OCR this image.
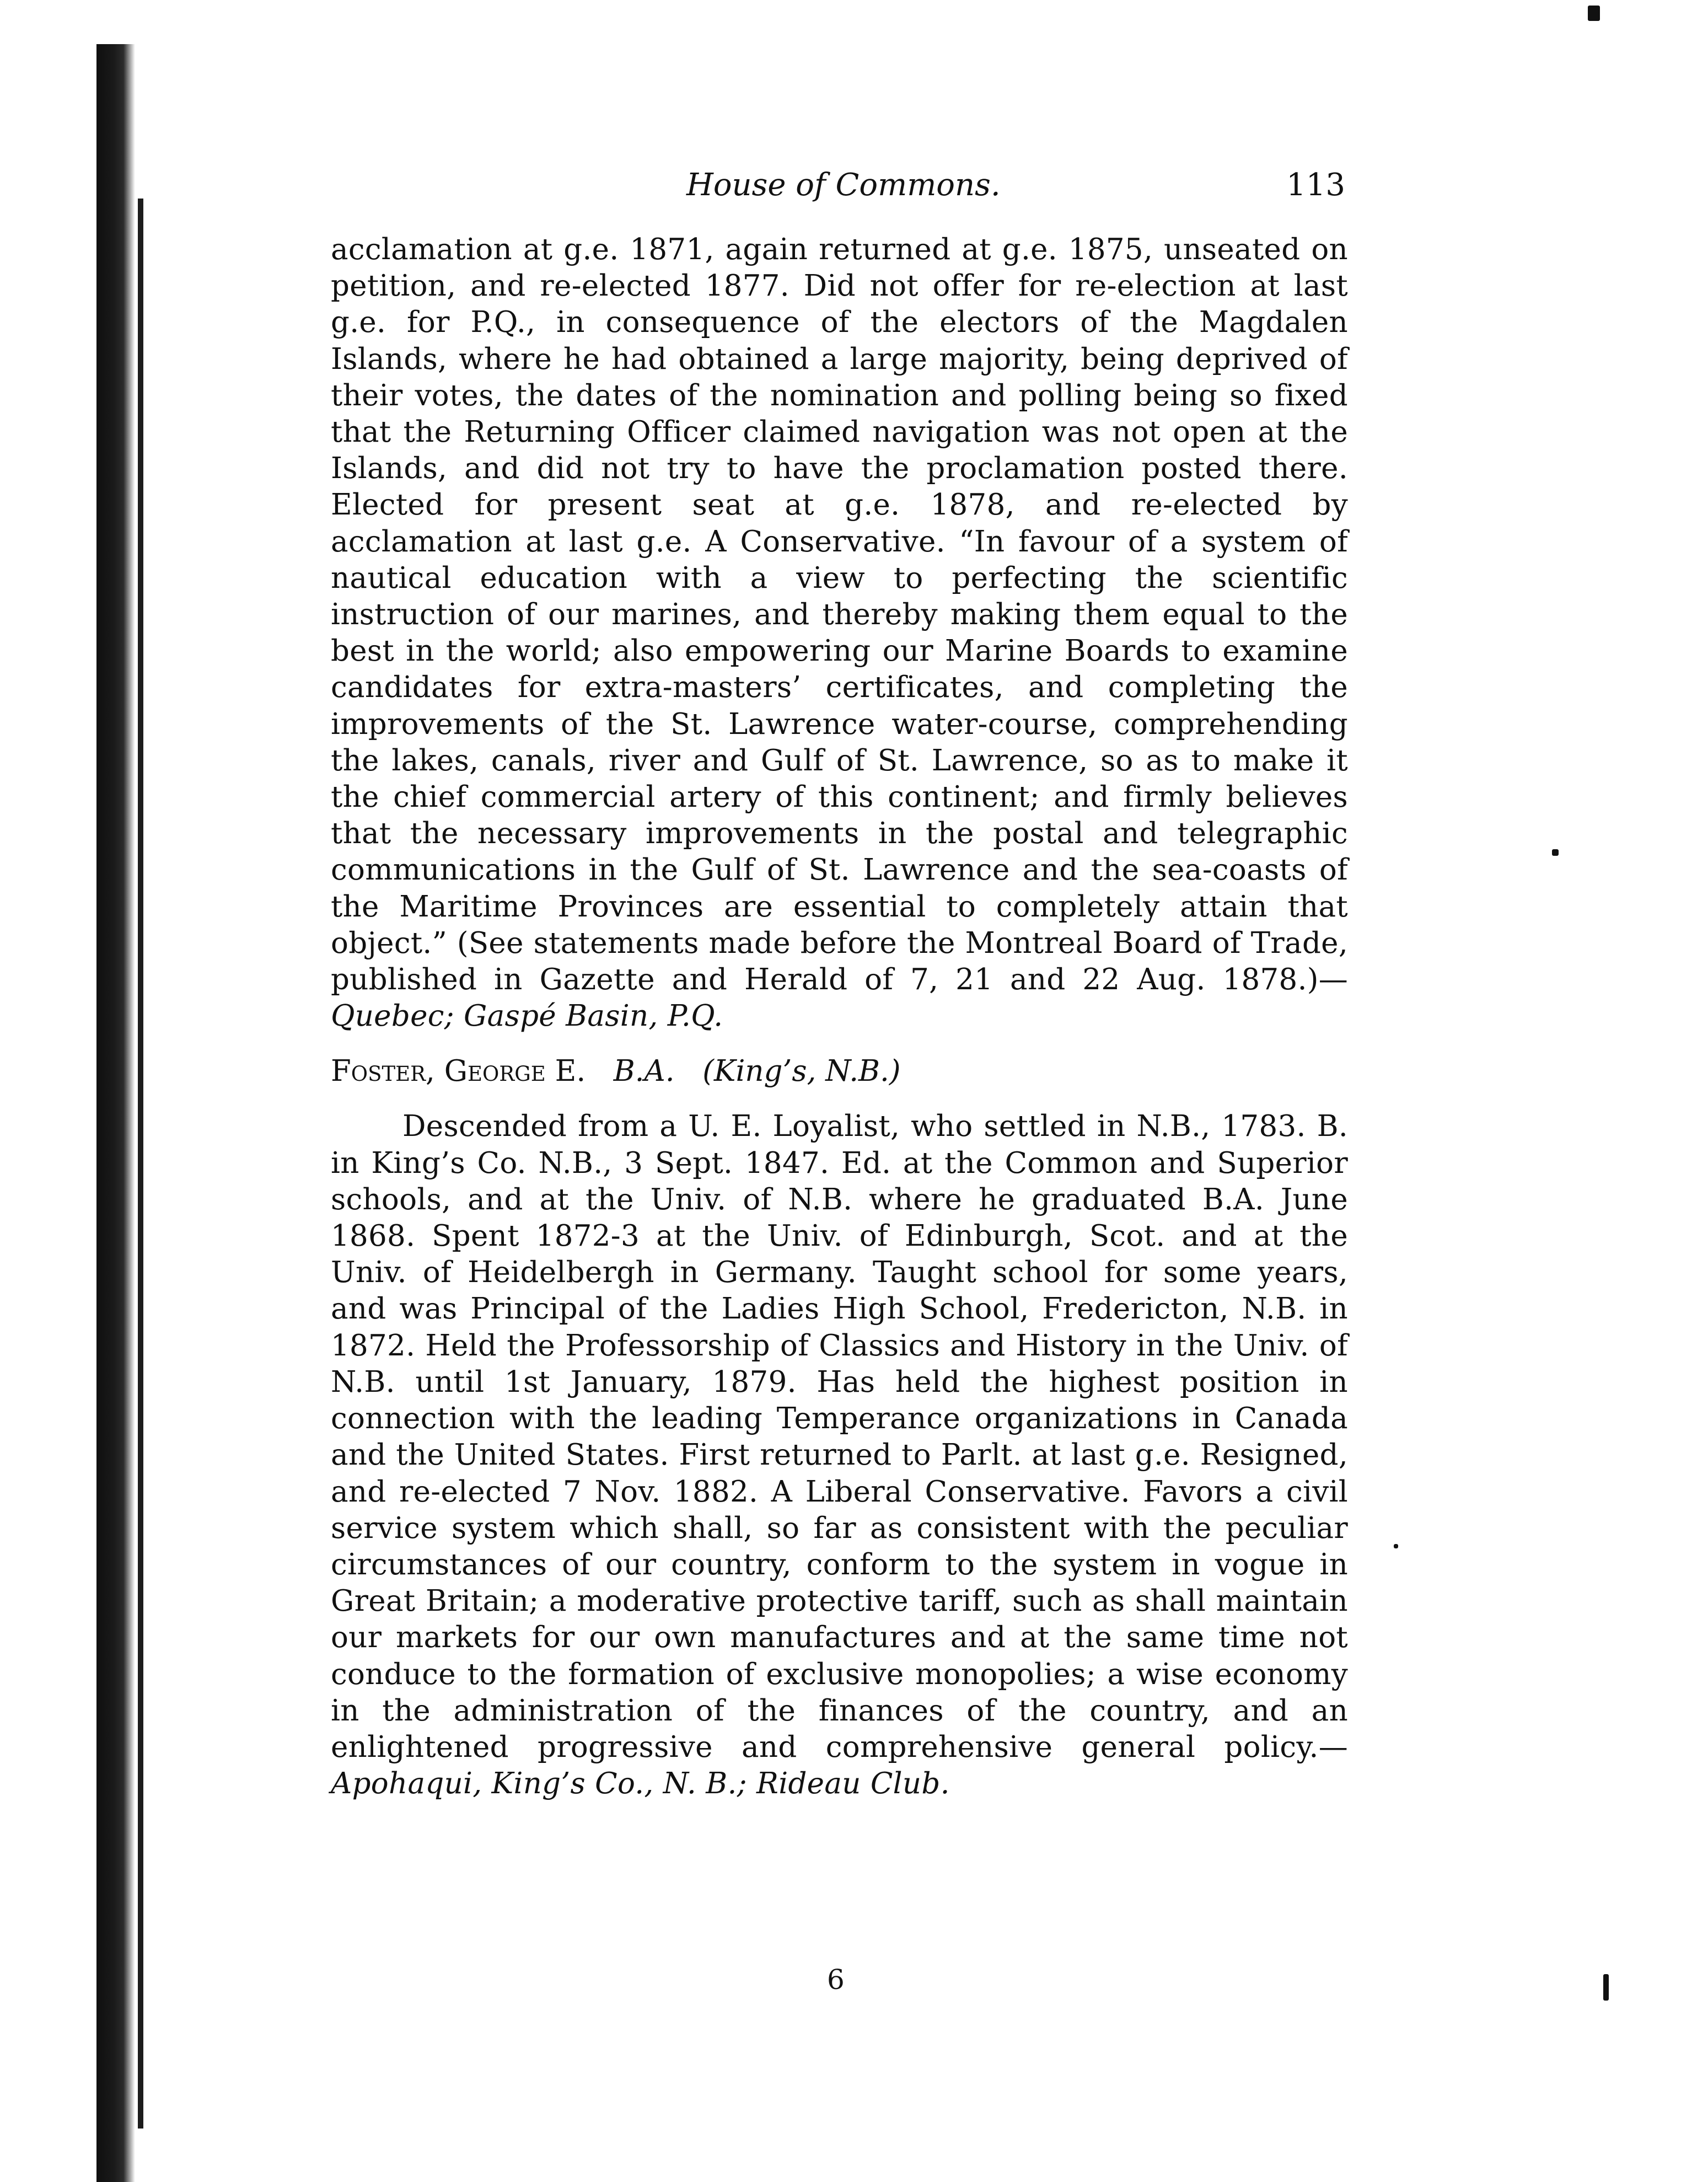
House of Commons.	113

acclamation at g.e. 1871, again returned at g.e. 1875, unseated on petition, and re-elected 1877. Did not offer for re-election at last g.e. for P.Q., in consequence of the electors of the Magdalen Islands, where he had obtained a large majority, being deprived of their votes, the dates of the nomination and polling being so fixed that the Returning Officer claimed navigation was not open at the Islands, and did not try to have the proclamation posted there. Elected for present seat at g.e. 1878, and re-elected by acclamation at last g.e. A Conservative. “In favour of a system of nautical education with a view to perfecting the scientific instruction of our marines, and thereby making them equal to the best in the world; also empowering our Marine Boards to examine candidates for extra-masters’ certificates, and completing the improvements of the St. Lawrence water-course, comprehending the lakes, canals, river and Gulf of St. Lawrence, so as to make it the chief commercial artery of this continent; and firmly believes that the necessary improvements in the postal and telegraphic communications in the Gulf of St. Lawrence and the sea-coasts of the Maritime Provinces are essential to completely attain that object.” (See statements made before the Montreal Board of Trade, published in Gazette and Herald of 7, 21 and 22 Aug. 1878.)—Quebec; Gaspé Basin, P.Q.

Foster, George E. B.A. (King’s, N.B.)

Descended from a U. E. Loyalist, who settled in N.B., 1783. B. in King’s Co. N.B., 3 Sept. 1847. Ed. at the Common and Superior schools, and at the Univ. of N.B. where he graduated B.A. June 1868. Spent 1872-3 at the Univ. of Edinburgh, Scot. and at the Univ. of Heidelbergh in Germany. Taught school for some years, and was Principal of the Ladies High School, Fredericton, N.B. in 1872. Held the Professorship of Classics and History in the Univ. of N.B. until 1st January, 1879. Has held the highest position in connection with the leading Temperance organizations in Canada and the United States. First returned to Parlt. at last g.e. Resigned, and re-elected 7 Nov. 1882. A Liberal Conservative. Favors a civil service system which shall, so far as consistent with the peculiar circumstances of our country, conform to the system in vogue in Great Britain; a moderative protective tariff, such as shall maintain our markets for our own manufactures and at the same time not conduce to the formation of exclusive monopolies; a wise economy in the administration of the finances of the country, and an enlightened progressive and comprehensive general policy.—Apohaqui, King’s Co., N. B.; Rideau Club.

6
